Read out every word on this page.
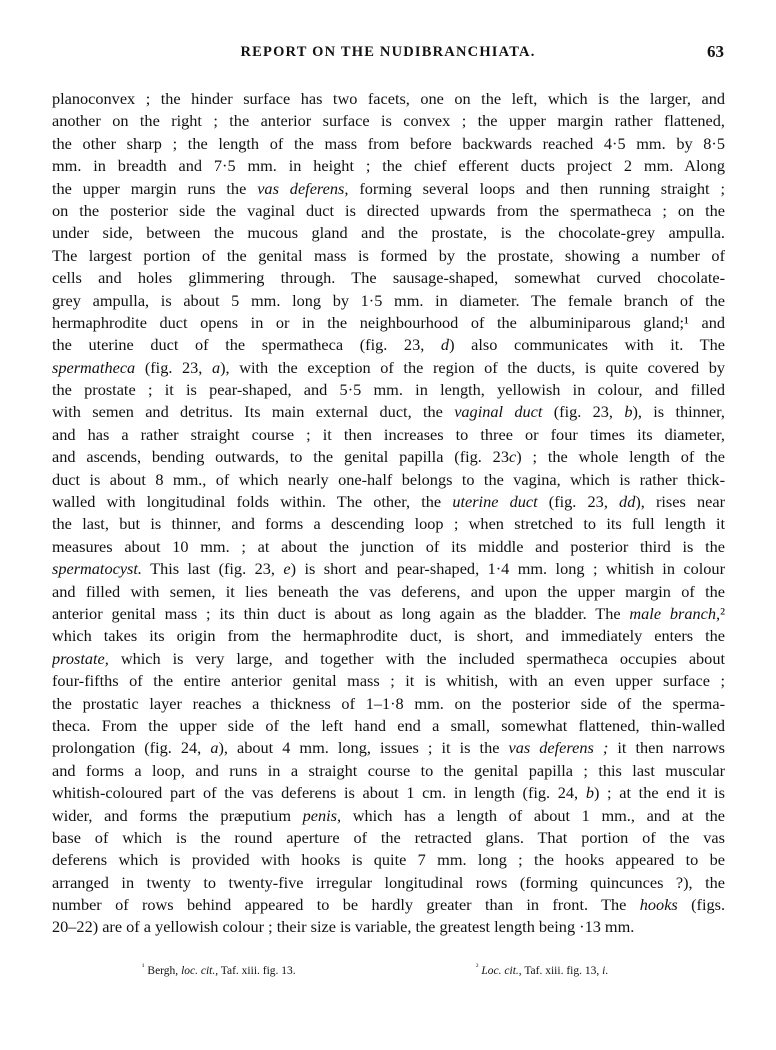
REPORT ON THE NUDIBRANCHIATA.	63
planoconvex ; the hinder surface has two facets, one on the left, which is the larger, and
another on the right ; the anterior surface is convex ; the upper margin rather flattened,
the other sharp ; the length of the mass from before backwards reached 4·5 mm. by 8·5
mm. in breadth and 7·5 mm. in height ; the chief efferent ducts project 2 mm. Along
the upper margin runs the vas deferens, forming several loops and then running straight ;
on the posterior side the vaginal duct is directed upwards from the spermatheca ; on the
under side, between the mucous gland and the prostate, is the chocolate-grey ampulla.
The largest portion of the genital mass is formed by the prostate, showing a number of
cells and holes glimmering through. The sausage-shaped, somewhat curved chocolate-
grey ampulla, is about 5 mm. long by 1·5 mm. in diameter. The female branch of the
hermaphrodite duct opens in or in the neighbourhood of the albuminiparous gland;¹ and
the uterine duct of the spermatheca (fig. 23, d) also communicates with it. The
spermatheca (fig. 23, a), with the exception of the region of the ducts, is quite covered by
the prostate ; it is pear-shaped, and 5·5 mm. in length, yellowish in colour, and filled
with semen and detritus. Its main external duct, the vaginal duct (fig. 23, b), is thinner,
and has a rather straight course ; it then increases to three or four times its diameter,
and ascends, bending outwards, to the genital papilla (fig. 23c) ; the whole length of the
duct is about 8 mm., of which nearly one-half belongs to the vagina, which is rather thick-
walled with longitudinal folds within. The other, the uterine duct (fig. 23, dd), rises near
the last, but is thinner, and forms a descending loop ; when stretched to its full length it
measures about 10 mm. ; at about the junction of its middle and posterior third is the
spermatocyst. This last (fig. 23, e) is short and pear-shaped, 1·4 mm. long ; whitish in colour
and filled with semen, it lies beneath the vas deferens, and upon the upper margin of the
anterior genital mass ; its thin duct is about as long again as the bladder. The male branch,²
which takes its origin from the hermaphrodite duct, is short, and immediately enters the
prostate, which is very large, and together with the included spermatheca occupies about
four-fifths of the entire anterior genital mass ; it is whitish, with an even upper surface ;
the prostatic layer reaches a thickness of 1–1·8 mm. on the posterior side of the sperma-
theca. From the upper side of the left hand end a small, somewhat flattened, thin-walled
prolongation (fig. 24, a), about 4 mm. long, issues ; it is the vas deferens ; it then narrows
and forms a loop, and runs in a straight course to the genital papilla ; this last muscular
whitish-coloured part of the vas deferens is about 1 cm. in length (fig. 24, b) ; at the end it is
wider, and forms the præputium penis, which has a length of about 1 mm., and at the
base of which is the round aperture of the retracted glans. That portion of the vas
deferens which is provided with hooks is quite 7 mm. long ; the hooks appeared to be
arranged in twenty to twenty-five irregular longitudinal rows (forming quincunces ?), the
number of rows behind appeared to be hardly greater than in front. The hooks (figs.
20–22) are of a yellowish colour ; their size is variable, the greatest length being ·13 mm.
$^{^1}$ Bergh, loc. cit., Taf. xiii. fig. 13.	$^{^2}$ Loc. cit., Taf. xiii. fig. 13, i.
